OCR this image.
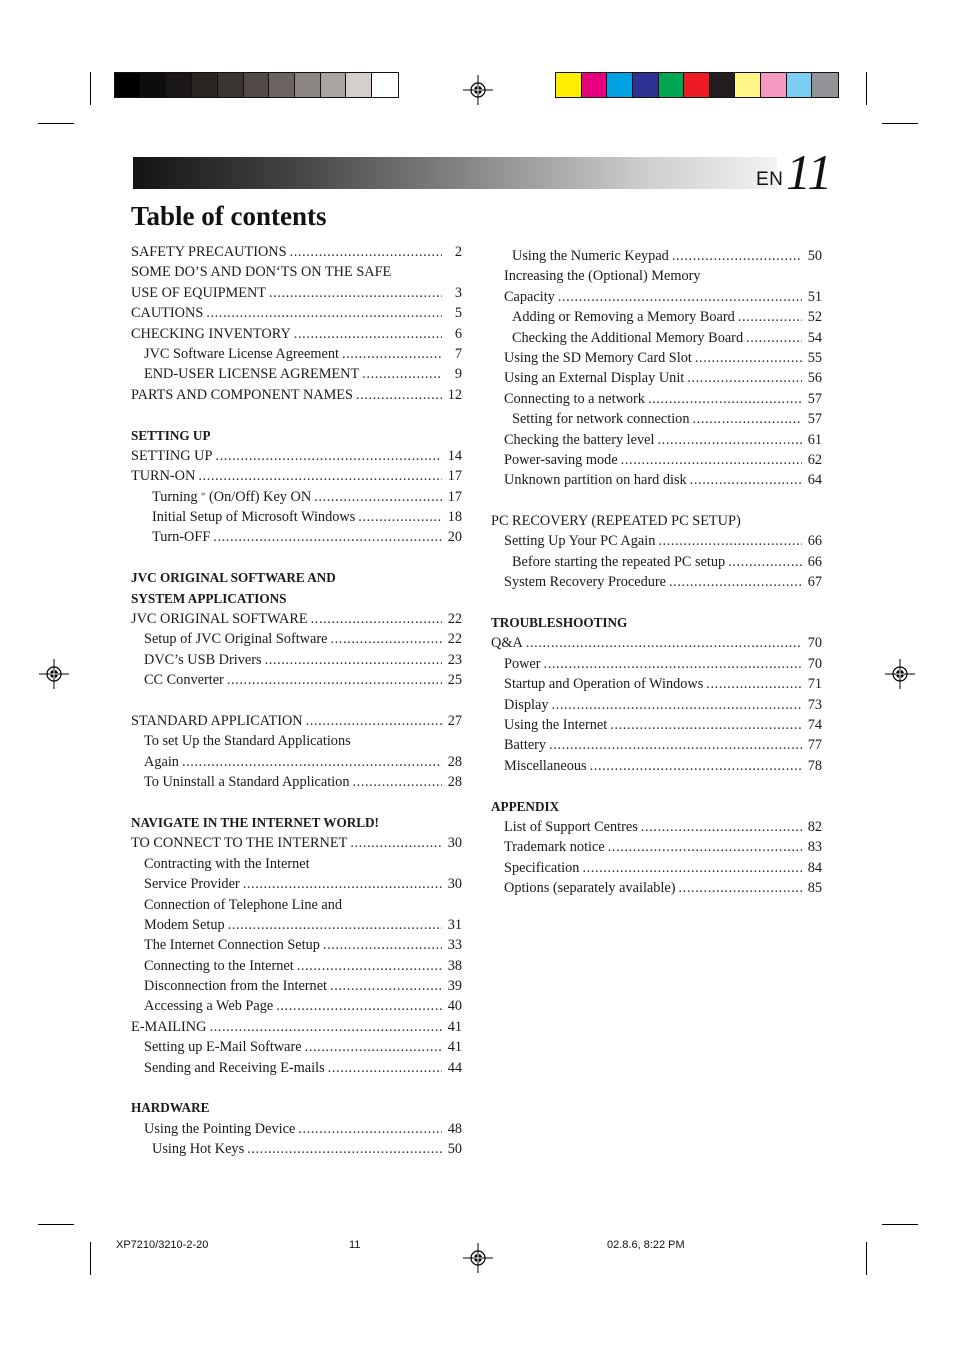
EN 11
Table of contents
SAFETY PRECAUTIONS .....	2
SOME DO’S AND DON‘TS ON THE SAFE
USE OF EQUIPMENT .....	3
CAUTIONS .....	5
CHECKING INVENTORY .....	6
JVC Software License Agreement .....	7
END-USER LICENSE AGREMENT .....	9
PARTS AND COMPONENT NAMES .....	12
SETTING UP
SETTING UP .....	14
TURN-ON .....	17
Turning (On/Off) Key ON .....	17
Initial Setup of Microsoft Windows .....	18
Turn-OFF .....	20
JVC ORIGINAL SOFTWARE AND
SYSTEM APPLICATIONS
JVC ORIGINAL SOFTWARE .....	22
Setup of JVC Original Software .....	22
DVC’s USB Drivers .....	23
CC Converter .....	25
STANDARD APPLICATION .....	27
To set Up the Standard Applications
Again .....	28
To Uninstall a Standard Application .....	28
NAVIGATE IN THE INTERNET WORLD!
TO CONNECT TO THE INTERNET .....	30
Contracting with the Internet
Service Provider .....	30
Connection of Telephone Line and
Modem Setup .....	31
The Internet Connection Setup .....	33
Connecting to the Internet .....	38
Disconnection from the Internet .....	39
Accessing a Web Page .....	40
E-MAILING .....	41
Setting up E-Mail Software .....	41
Sending and Receiving E-mails .....	44
HARDWARE
Using the Pointing Device .....	48
Using Hot Keys .....	50
Using the Numeric Keypad .....	50
Increasing the (Optional) Memory
Capacity .....	51
Adding or Removing a Memory Board .....	52
Checking the Additional Memory Board .....	54
Using the SD Memory Card Slot .....	55
Using an External Display Unit .....	56
Connecting to a network .....	57
Setting for network connection .....	57
Checking the battery level .....	61
Power-saving mode .....	62
Unknown partition on hard disk .....	64
PC RECOVERY (REPEATED PC SETUP)
Setting Up Your PC Again .....	66
Before starting the repeated PC setup .....	66
System Recovery Procedure .....	67
TROUBLESHOOTING
Q&A .....	70
Power .....	70
Startup and Operation of Windows .....	71
Display .....	73
Using the Internet .....	74
Battery .....	77
Miscellaneous .....	78
APPENDIX
List of Support Centres .....	82
Trademark notice .....	83
Specification .....	84
Options (separately available) .....	85
XP7210/3210-2-20	11	02.8.6, 8:22 PM
